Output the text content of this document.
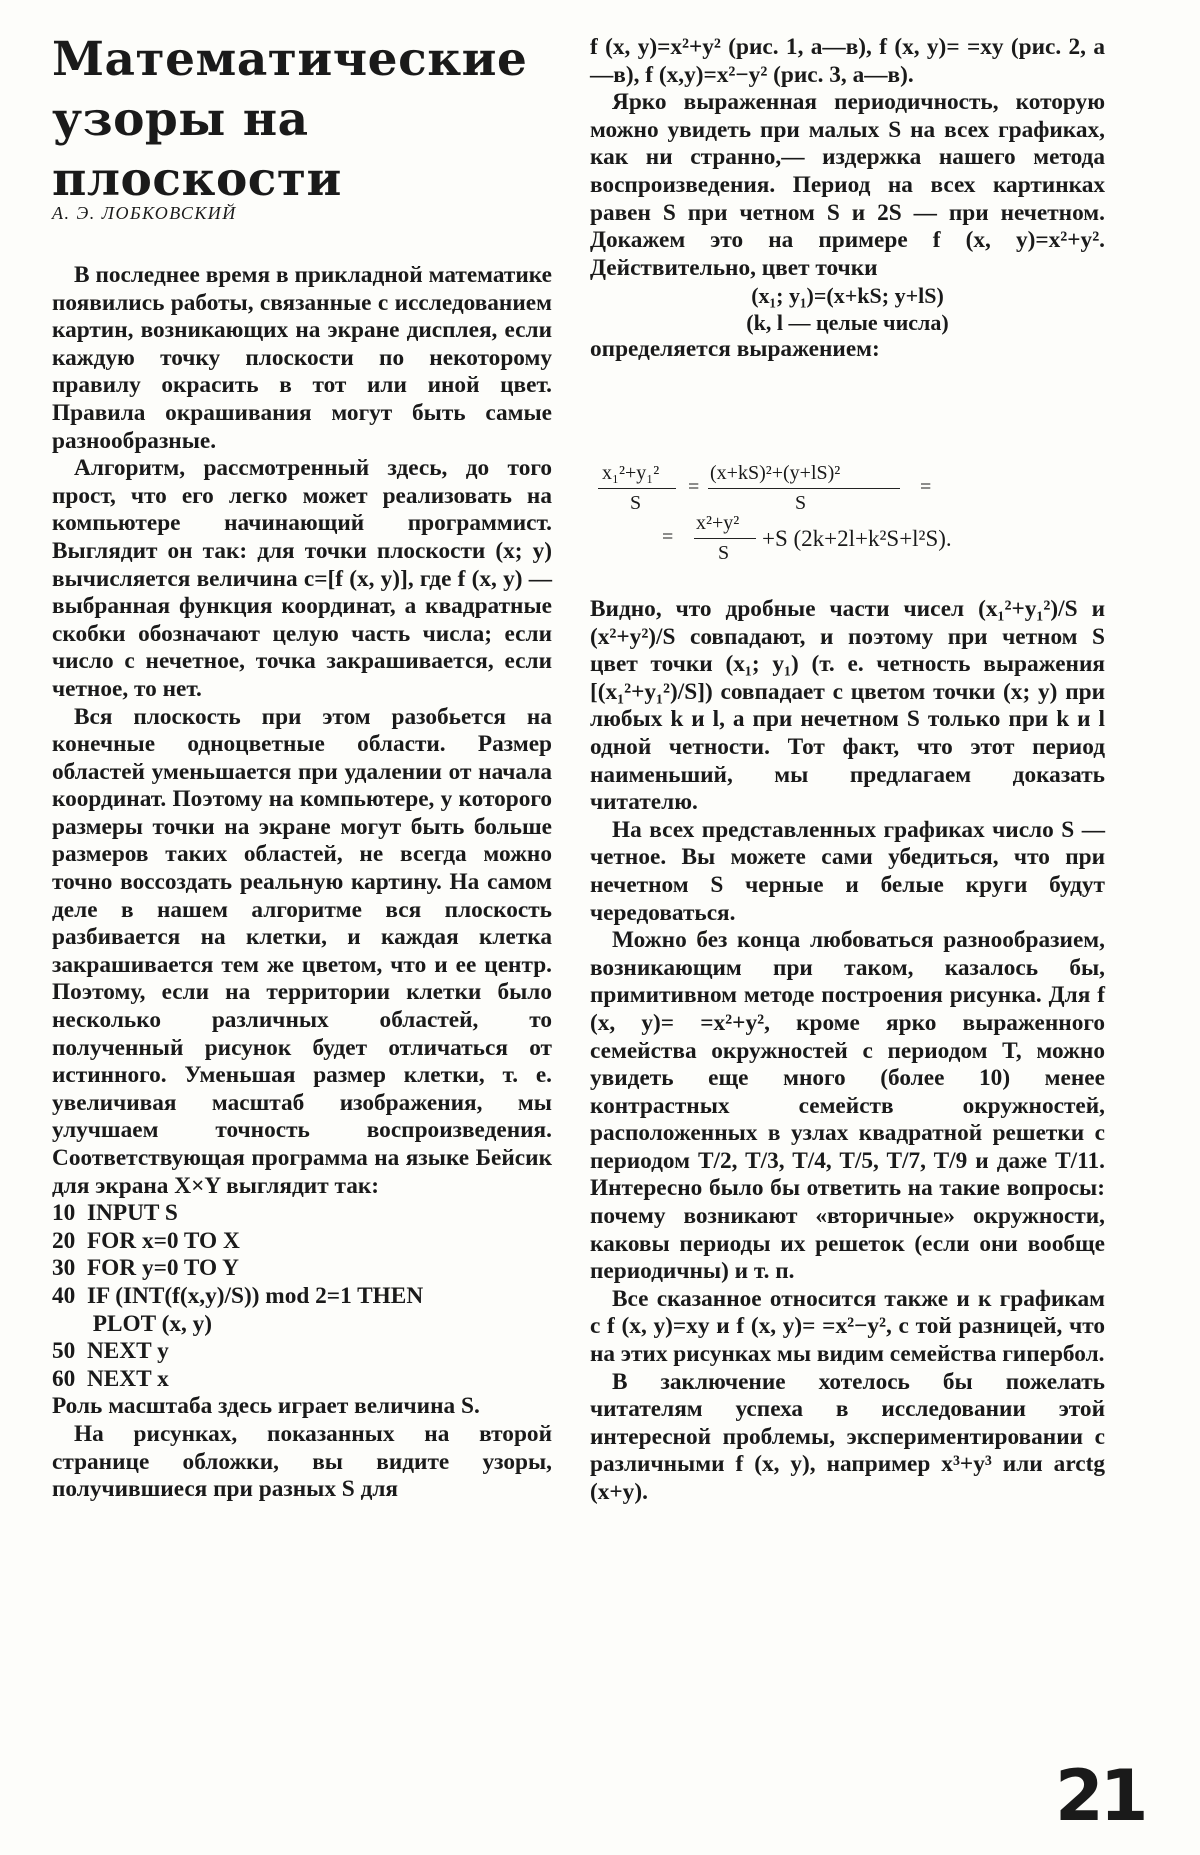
Математические
узоры на плоскости
А. Э. ЛОБКОВСКИЙ

В последнее время в прикладной математике появились работы, связанные с исследованием картин, возникающих на экране дисплея, если каждую точку плоскости по некоторому правилу окрасить в тот или иной цвет. Правила окрашивания могут быть самые разнообразные.

Алгоритм, рассмотренный здесь, до того прост, что его легко может реализовать на компьютере начинающий программист. Выглядит он так: для точки плоскости (x; y) вычисляется величина c=[f (x, y)], где f (x, y) — выбранная функция координат, а квадратные скобки обозначают целую часть числа; если число c нечетное, точка закрашивается, если четное, то нет.

Вся плоскость при этом разобьется на конечные одноцветные области. Размер областей уменьшается при удалении от начала координат. Поэтому на компьютере, у которого размеры точки на экране могут быть больше размеров таких областей, не всегда можно точно воссоздать реальную картину. На самом деле в нашем алгоритме вся плоскость разбивается на клетки, и каждая клетка закрашивается тем же цветом, что и ее центр. Поэтому, если на территории клетки было несколько различных областей, то полученный рисунок будет отличаться от истинного. Уменьшая размер клетки, т. е. увеличивая масштаб изображения, мы улучшаем точность воспроизведения. Соответствующая программа на языке Бейсик для экрана X×Y выглядит так:

10  INPUT S
20  FOR x=0 TO X
30  FOR y=0 TO Y
40  IF (INT(f(x,y)/S)) mod 2=1 THEN
PLOT (x, y)
50  NEXT y
60  NEXT x

Роль масштаба здесь играет величина S.

На рисунках, показанных на второй странице обложки, вы видите узоры, получившиеся при разных S для

f (x, y)=x²+y² (рис. 1, а—в), f (x, y)= =xy (рис. 2, а—в), f (x,y)=x²−y² (рис. 3, а—в).

Ярко выраженная периодичность, которую можно увидеть при малых S на всех графиках, как ни странно,— издержка нашего метода воспроизведения. Период на всех картинках равен S при четном S и 2S — при нечетном. Докажем это на примере f (x, y)=x²+y². Действительно, цвет точки

(x₁; y₁)=(x+kS; y+lS)
(k, l — целые числа)

определяется выражением:

x₁²+y₁²
S
=
(x+kS)²+(y+lS)²
S
=
=
x²+y²
S
+S (2k+2l+k²S+l²S).

Видно, что дробные части чисел (x₁²+y₁²)/S и (x²+y²)/S совпадают, и поэтому при четном S цвет точки (x₁; y₁) (т. е. четность выражения [(x₁²+y₁²)/S]) совпадает с цветом точки (x; y) при любых k и l, а при нечетном S только при k и l одной четности. Тот факт, что этот период наименьший, мы предлагаем доказать читателю.

На всех представленных графиках число S — четное. Вы можете сами убедиться, что при нечетном S черные и белые круги будут чередоваться.

Можно без конца любоваться разнообразием, возникающим при таком, казалось бы, примитивном методе построения рисунка. Для f (x, y)= =x²+y², кроме ярко выраженного семейства окружностей с периодом T, можно увидеть еще много (более 10) менее контрастных семейств окружностей, расположенных в узлах квадратной решетки с периодом T/2, T/3, T/4, T/5, T/7, T/9 и даже T/11. Интересно было бы ответить на такие вопросы: почему возникают «вторичные» окружности, каковы периоды их решеток (если они вообще периодичны) и т. п.

Все сказанное относится также и к графикам с f (x, y)=xy и f (x, y)= =x²−y², с той разницей, что на этих рисунках мы видим семейства гипербол.

В заключение хотелось бы пожелать читателям успеха в исследовании этой интересной проблемы, экспериментировании с различными f (x, y), например x³+y³ или arctg (x+y).

21
